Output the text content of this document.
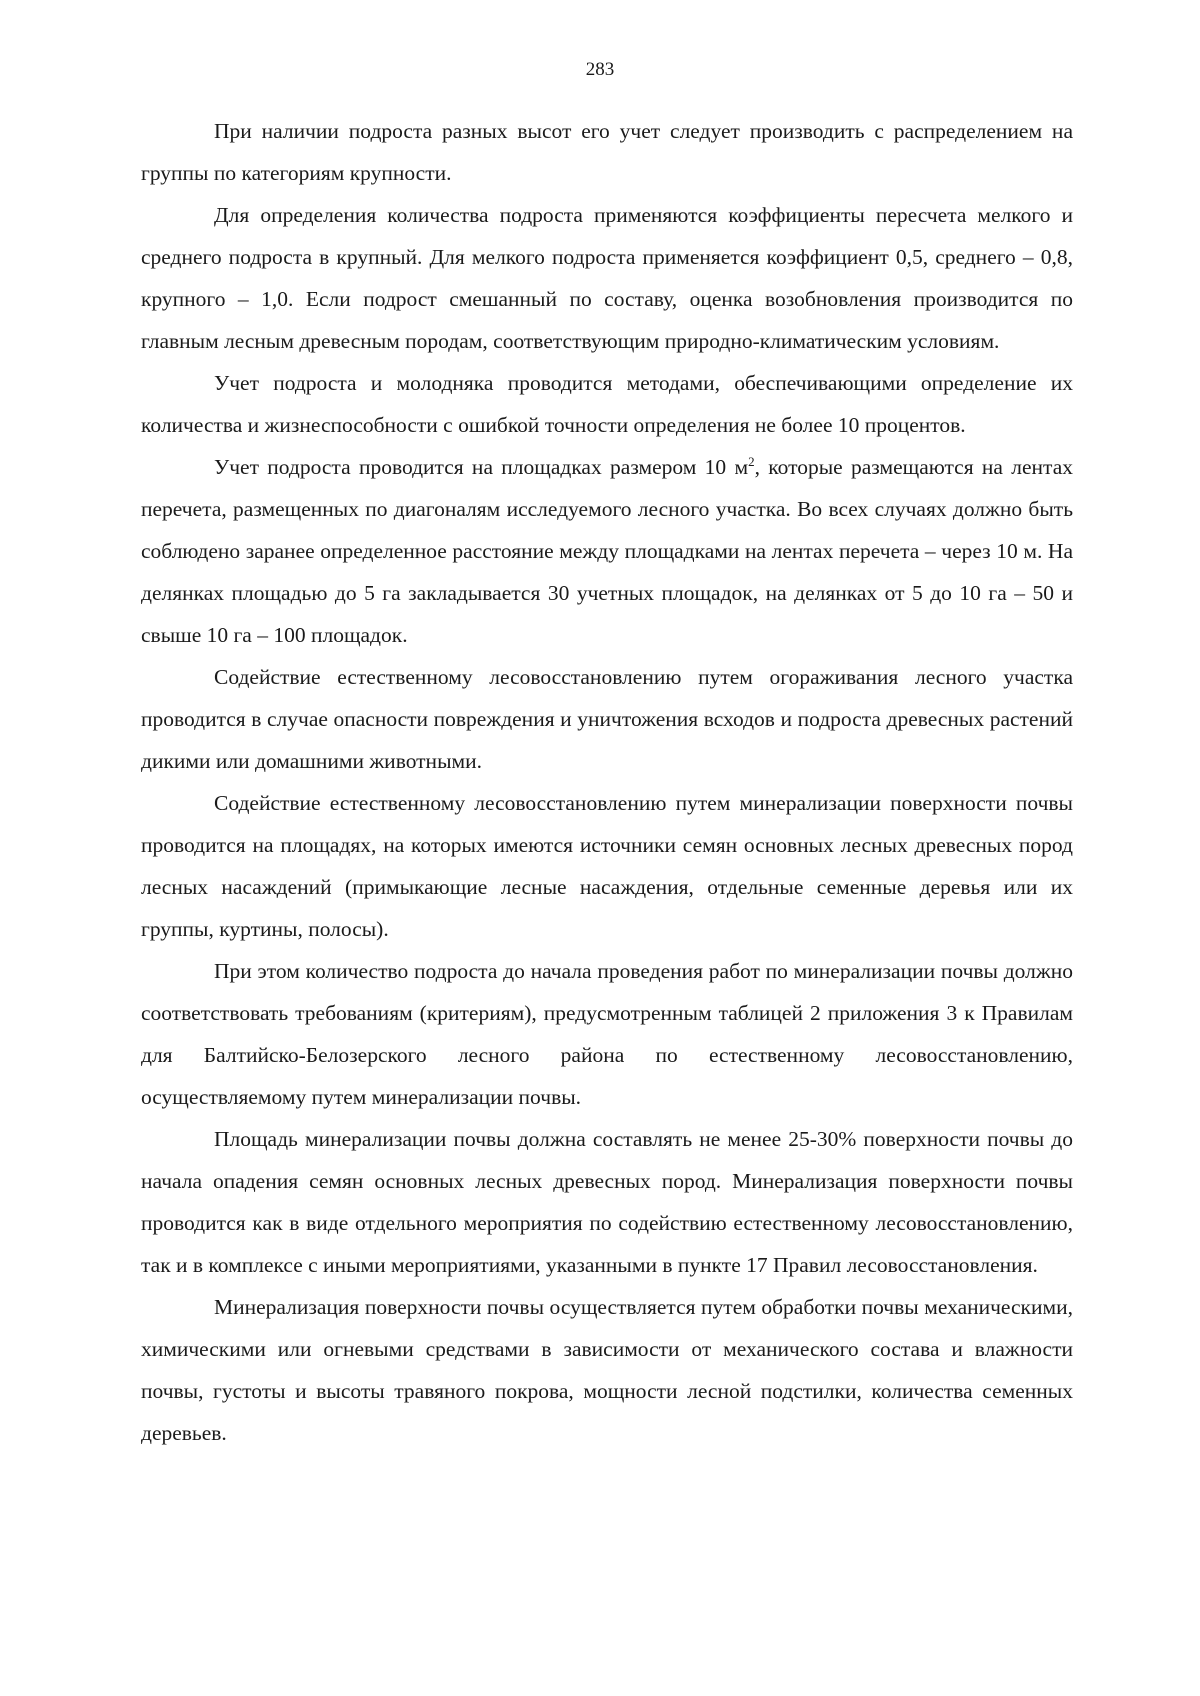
283

При наличии подроста разных высот его учет следует производить с распределением на группы по категориям крупности.

Для определения количества подроста применяются коэффициенты пересчета мелкого и среднего подроста в крупный. Для мелкого подроста применяется коэффициент 0,5, среднего – 0,8, крупного – 1,0. Если подрост смешанный по составу, оценка возобновления производится по главным лесным древесным породам, соответствующим природно-климатическим условиям.

Учет подроста и молодняка проводится методами, обеспечивающими определение их количества и жизнеспособности с ошибкой точности определения не более 10 процентов.

Учет подроста проводится на площадках размером 10 $м^2$, которые размещаются на лентах перечета, размещенных по диагоналям исследуемого лесного участка. Во всех случаях должно быть соблюдено заранее определенное расстояние между площадками на лентах перечета – через 10 м. На делянках площадью до 5 га закладывается 30 учетных площадок, на делянках от 5 до 10 га – 50 и свыше 10 га – 100 площадок.

Содействие естественному лесовосстановлению путем огораживания лесного участка проводится в случае опасности повреждения и уничтожения всходов и подроста древесных растений дикими или домашними животными.

Содействие естественному лесовосстановлению путем минерализации поверхности почвы проводится на площадях, на которых имеются источники семян основных лесных древесных пород лесных насаждений (примыкающие лесные насаждения, отдельные семенные деревья или их группы, куртины, полосы).

При этом количество подроста до начала проведения работ по минерализации почвы должно соответствовать требованиям (критериям), предусмотренным таблицей 2 приложения 3 к Правилам для Балтийско-Белозерского лесного района по естественному лесовосстановлению, осуществляемому путем минерализации почвы.

Площадь минерализации почвы должна составлять не менее 25-30% поверхности почвы до начала опадения семян основных лесных древесных пород. Минерализация поверхности почвы проводится как в виде отдельного мероприятия по содействию естественному лесовосстановлению, так и в комплексе с иными мероприятиями, указанными в пункте 17 Правил лесовосстановления.

Минерализация поверхности почвы осуществляется путем обработки почвы механическими, химическими или огневыми средствами в зависимости от механического состава и влажности почвы, густоты и высоты травяного покрова, мощности лесной подстилки, количества семенных деревьев.
